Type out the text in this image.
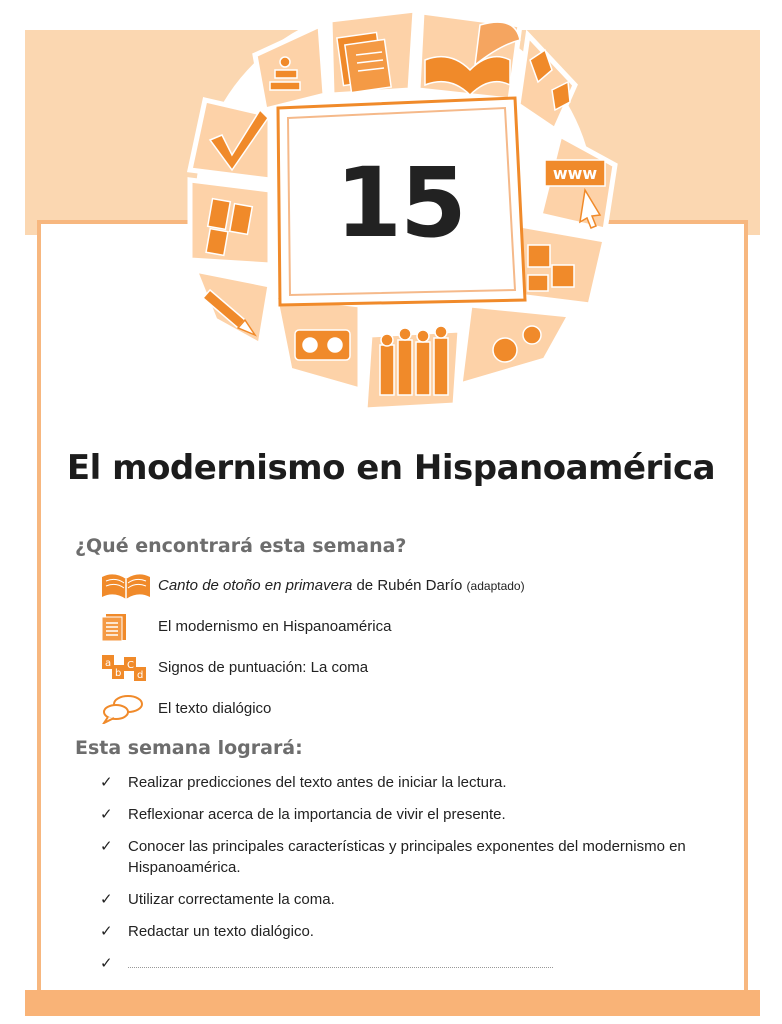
www
15
El modernismo en Hispanoamérica
¿Qué encontrará esta semana?
Canto de otoño en primavera de Rubén Darío (adaptado)
El modernismo en Hispanoamérica
a
b
C
d Signos de puntuación: La coma
El texto dialógico
Esta semana logrará:
✓	Realizar predicciones del texto antes de iniciar la lectura.
✓	Reflexionar acerca de la importancia de vivir el presente.
✓	Conocer las principales características y principales exponentes del modernismo en Hispanoamérica.
✓	Utilizar correctamente la coma.
✓	Redactar un texto dialógico.
✓
